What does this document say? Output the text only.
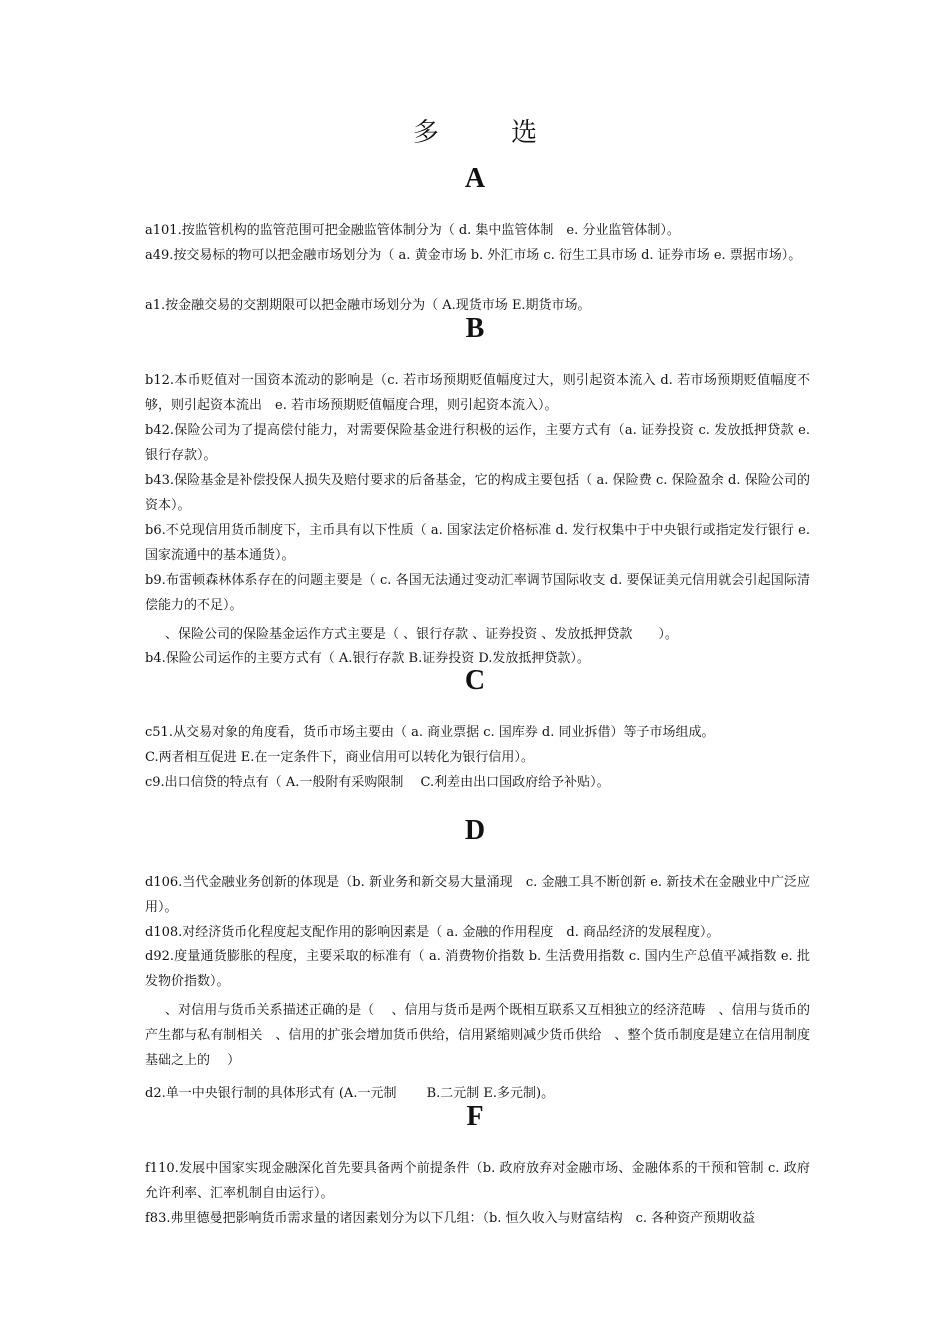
多 选
A
a101.按监管机构的监管范围可把金融监管体制分为（ d. 集中监管体制　e. 分业监管体制）。
a49.按交易标的物可以把金融市场划分为（ a. 黄金市场 b. 外汇市场 c. 衍生工具市场 d. 证券市场 e. 票据市场）。
a1.按金融交易的交割期限可以把金融市场划分为（ A.现货市场 E.期货市场。
B
b12.本币贬值对一国资本流动的影响是（c. 若市场预期贬值幅度过大，则引起资本流入 d. 若市场预期贬值幅度不够，则引起资本流出　e. 若市场预期贬值幅度合理，则引起资本流入）。
b42.保险公司为了提高偿付能力，对需要保险基金进行积极的运作，主要方式有（a. 证券投资 c. 发放抵押贷款 e. 银行存款）。
b43.保险基金是补偿投保人损失及赔付要求的后备基金，它的构成主要包括（ a. 保险费 c. 保险盈余 d. 保险公司的资本）。
b6.不兑现信用货币制度下，主币具有以下性质（ a. 国家法定价格标准 d. 发行权集中于中央银行或指定发行银行 e. 国家流通中的基本通货）。
b9.布雷顿森林体系存在的问题主要是（ c. 各国无法通过变动汇率调节国际收支 d. 要保证美元信用就会引起国际清偿能力的不足）。
、保险公司的保险基金运作方式主要是（ 、银行存款 、证券投资 、发放抵押贷款　　）。
b4.保险公司运作的主要方式有（ A.银行存款 B.证券投资 D.发放抵押贷款）。
C
c51.从交易对象的角度看，货币市场主要由（ a. 商业票据 c. 国库券 d. 同业拆借）等子市场组成。
C.两者相互促进 E.在一定条件下，商业信用可以转化为银行信用）。
c9.出口信贷的特点有（ A.一般附有采购限制　 C.利差由出口国政府给予补贴）。
D
d106.当代金融业务创新的体现是（b. 新业务和新交易大量涌现　c. 金融工具不断创新 e. 新技术在金融业中广泛应用）。
d108.对经济货币化程度起支配作用的影响因素是（ a. 金融的作用程度　d. 商品经济的发展程度）。
d92.度量通货膨胀的程度，主要采取的标准有（ a. 消费物价指数 b. 生活费用指数 c. 国内生产总值平减指数 e. 批发物价指数）。
、对信用与货币关系描述正确的是（　 、信用与货币是两个既相互联系又互相独立的经济范畴　、信用与货币的产生都与私有制相关　、信用的扩张会增加货币供给，信用紧缩则减少货币供给　、整个货币制度是建立在信用制度基础之上的　 ）
d2.单一中央银行制的具体形式有 (A.一元制　　 B.二元制 E.多元制)。
F
f110.发展中国家实现金融深化首先要具备两个前提条件（b. 政府放弃对金融市场、金融体系的干预和管制 c. 政府允许利率、汇率机制自由运行）。
f83.弗里德曼把影响货币需求量的诸因素划分为以下几组：（b. 恒久收入与财富结构　c. 各种资产预期收益
